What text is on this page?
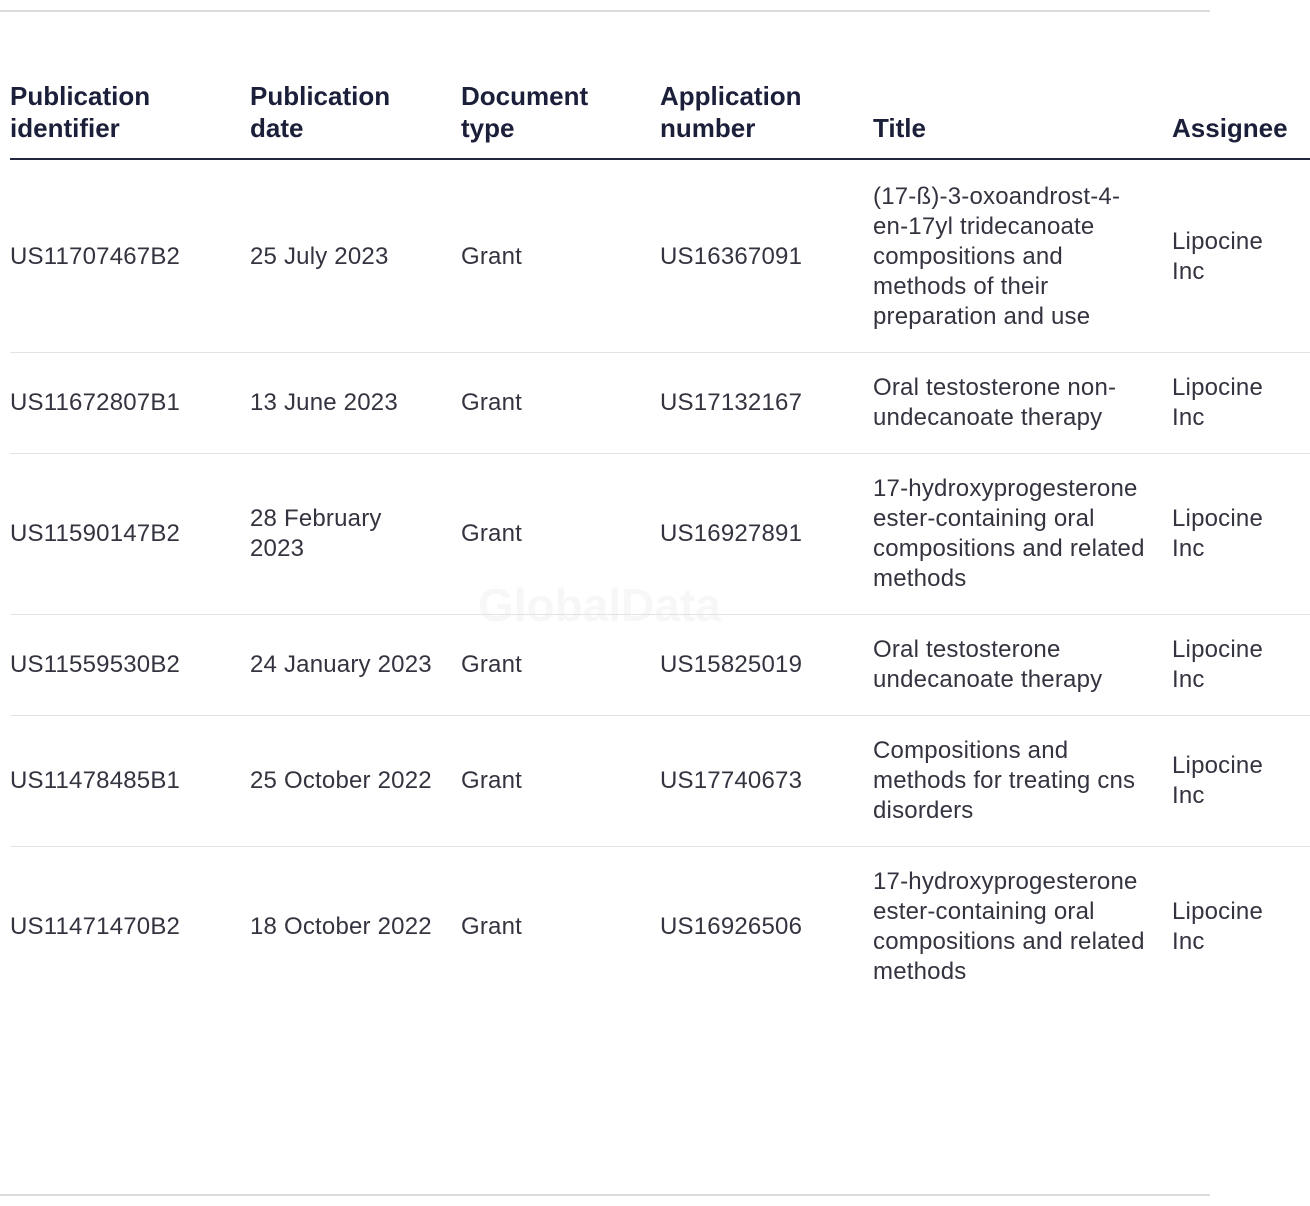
GlobalData
Publication identifier	Publication date	Document type	Application number	Title	Assignee
US11707467B2	25 July 2023	Grant	US16367091	(17-ß)-3-oxoandrost-4-en-17yl tridecanoate compositions and methods of their preparation and use	Lipocine Inc
US11672807B1	13 June 2023	Grant	US17132167	Oral testosterone non-undecanoate therapy	Lipocine Inc
US11590147B2	28 February 2023	Grant	US16927891	17-hydroxyprogesterone ester-containing oral compositions and related methods	Lipocine Inc
US11559530B2	24 January 2023	Grant	US15825019	Oral testosterone undecanoate therapy	Lipocine Inc
US11478485B1	25 October 2022	Grant	US17740673	Compositions and methods for treating cns disorders	Lipocine Inc
US11471470B2	18 October 2022	Grant	US16926506	17-hydroxyprogesterone ester-containing oral compositions and related methods	Lipocine Inc
